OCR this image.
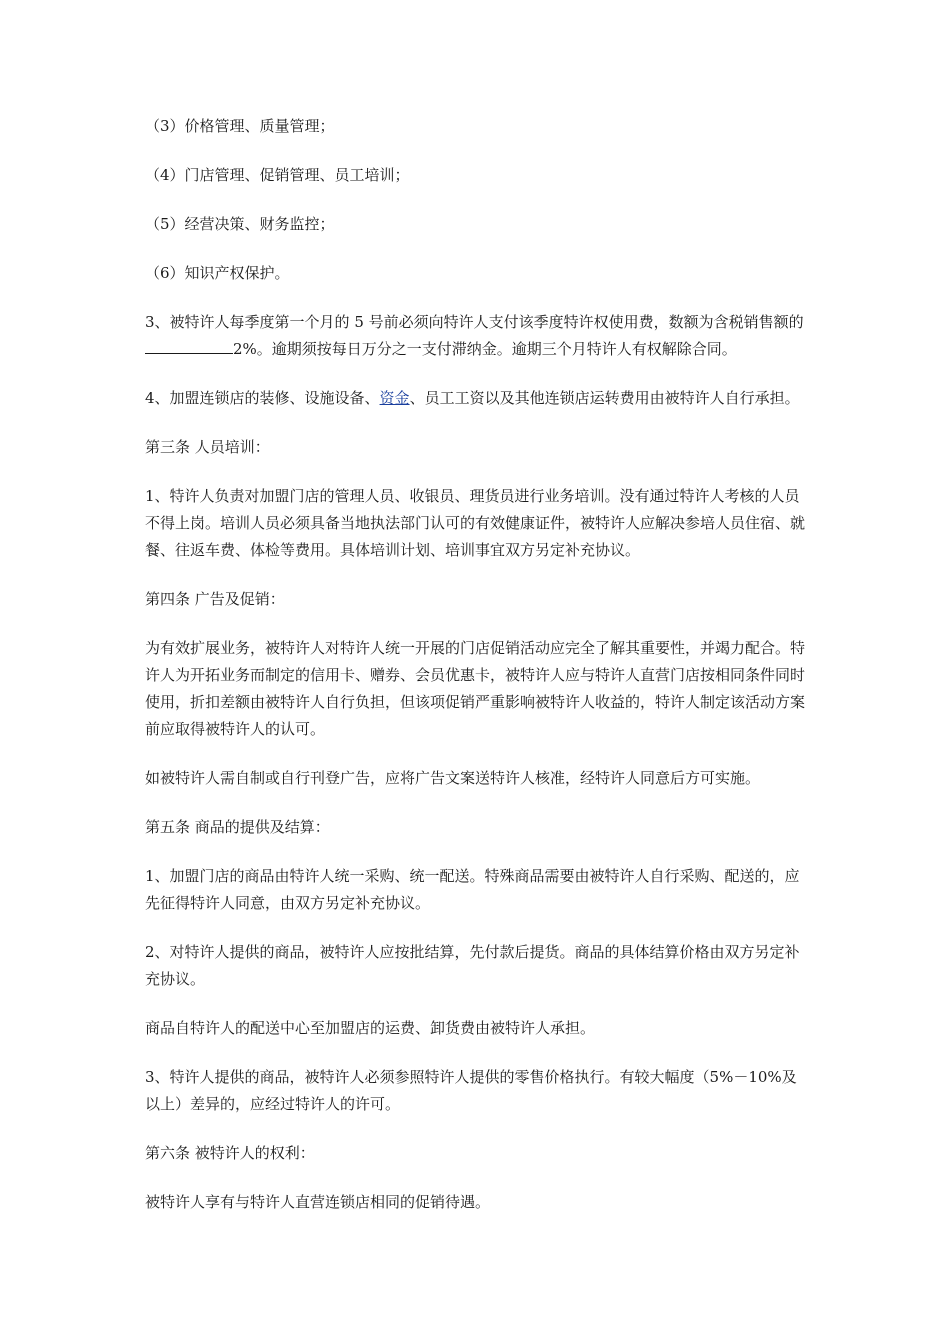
（3）价格管理、质量管理；

（4）门店管理、促销管理、员工培训；

（5）经营决策、财务监控；

（6）知识产权保护。

3、被特许人每季度第一个月的 5 号前必须向特许人支付该季度特许权使用费，数额为含税销售额的2%。逾期须按每日万分之一支付滞纳金。逾期三个月特许人有权解除合同。

4、加盟连锁店的装修、设施设备、资金、员工工资以及其他连锁店运转费用由被特许人自行承担。

第三条 人员培训：

1、特许人负责对加盟门店的管理人员、收银员、理货员进行业务培训。没有通过特许人考核的人员不得上岗。培训人员必须具备当地执法部门认可的有效健康证件，被特许人应解决参培人员住宿、就餐、往返车费、体检等费用。具体培训计划、培训事宜双方另定补充协议。

第四条 广告及促销：

为有效扩展业务，被特许人对特许人统一开展的门店促销活动应完全了解其重要性，并竭力配合。特许人为开拓业务而制定的信用卡、赠券、会员优惠卡，被特许人应与特许人直营门店按相同条件同时使用，折扣差额由被特许人自行负担，但该项促销严重影响被特许人收益的，特许人制定该活动方案前应取得被特许人的认可。

如被特许人需自制或自行刊登广告，应将广告文案送特许人核准，经特许人同意后方可实施。

第五条 商品的提供及结算：

1、加盟门店的商品由特许人统一采购、统一配送。特殊商品需要由被特许人自行采购、配送的，应先征得特许人同意，由双方另定补充协议。

2、对特许人提供的商品，被特许人应按批结算，先付款后提货。商品的具体结算价格由双方另定补充协议。

商品自特许人的配送中心至加盟店的运费、卸货费由被特许人承担。

3、特许人提供的商品，被特许人必须参照特许人提供的零售价格执行。有较大幅度（5%－10%及以上）差异的，应经过特许人的许可。

第六条 被特许人的权利：

被特许人享有与特许人直营连锁店相同的促销待遇。
